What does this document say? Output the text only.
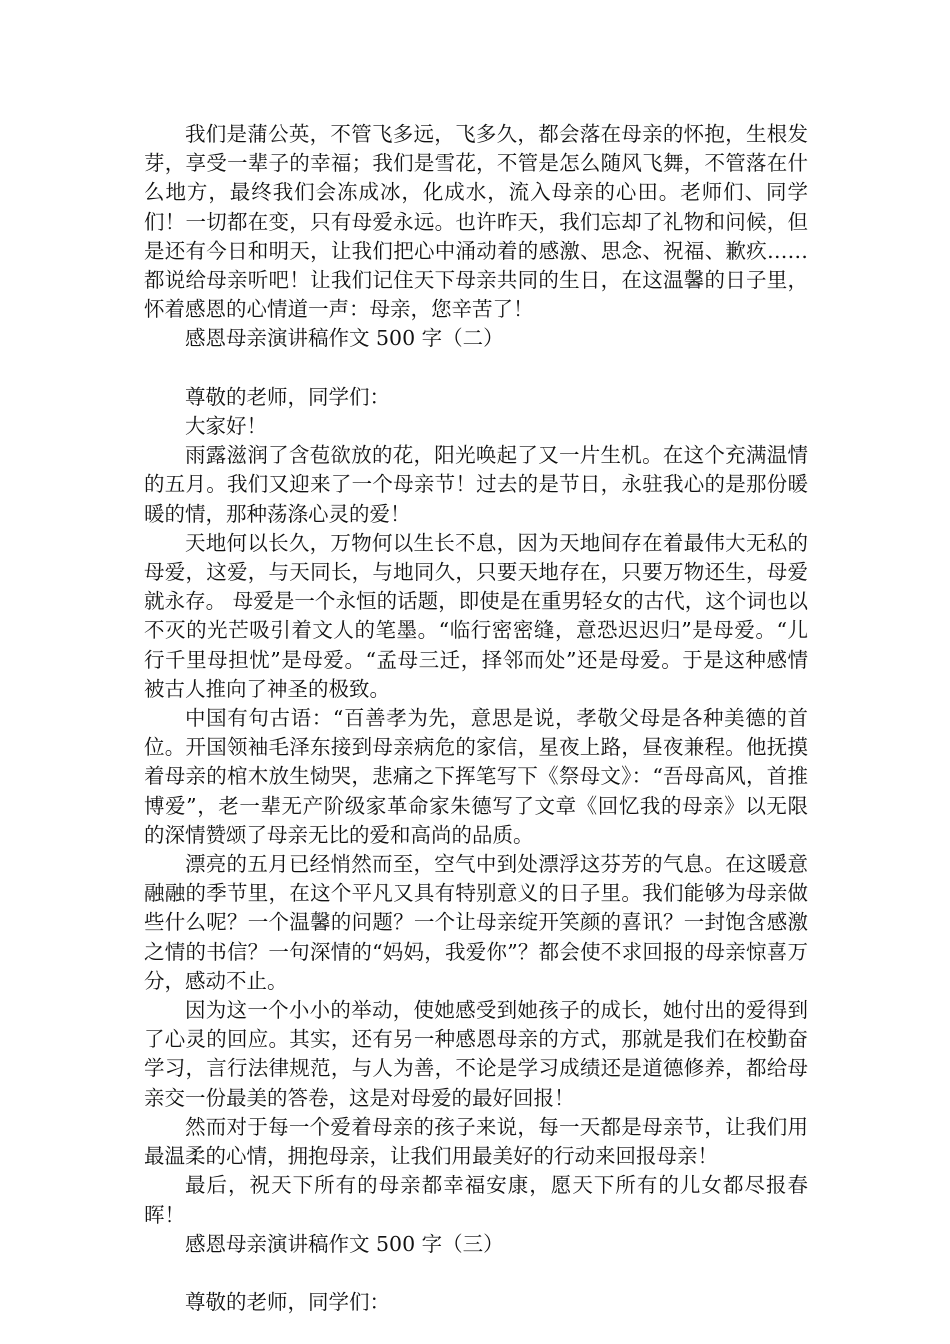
我们是蒲公英，不管飞多远，飞多久，都会落在母亲的怀抱，生根发芽，享受一辈子的幸福；我们是雪花，不管是怎么随风飞舞，不管落在什么地方，最终我们会冻成冰，化成水，流入母亲的心田。老师们、同学们！一切都在变，只有母爱永远。也许昨天，我们忘却了礼物和问候，但是还有今日和明天，让我们把心中涌动着的感激、思念、祝福、歉疚……都说给母亲听吧！让我们记住天下母亲共同的生日，在这温馨的日子里，怀着感恩的心情道一声：母亲，您辛苦了！

感恩母亲演讲稿作文 500 字（二）

尊敬的老师，同学们：

大家好！

雨露滋润了含苞欲放的花，阳光唤起了又一片生机。在这个充满温情的五月。我们又迎来了一个母亲节！过去的是节日，永驻我心的是那份暖暖的情，那种荡涤心灵的爱！

天地何以长久，万物何以生长不息，因为天地间存在着最伟大无私的母爱，这爱，与天同长，与地同久，只要天地存在，只要万物还生，母爱就永存。 母爱是一个永恒的话题，即使是在重男轻女的古代，这个词也以不灭的光芒吸引着文人的笔墨。“临行密密缝，意恐迟迟归”是母爱。“儿行千里母担忧”是母爱。“孟母三迁，择邻而处”还是母爱。于是这种感情被古人推向了神圣的极致。

中国有句古语：“百善孝为先，意思是说，孝敬父母是各种美德的首位。开国领袖毛泽东接到母亲病危的家信，星夜上路，昼夜兼程。他抚摸着母亲的棺木放生恸哭，悲痛之下挥笔写下《祭母文》：“吾母高风，首推博爱”，老一辈无产阶级家革命家朱德写了文章《回忆我的母亲》以无限的深情赞颂了母亲无比的爱和高尚的品质。

漂亮的五月已经悄然而至，空气中到处漂浮这芬芳的气息。在这暖意融融的季节里，在这个平凡又具有特别意义的日子里。我们能够为母亲做些什么呢？一个温馨的问题？一个让母亲绽开笑颜的喜讯？一封饱含感激之情的书信？一句深情的“妈妈，我爱你”？都会使不求回报的母亲惊喜万分，感动不止。

因为这一个小小的举动，使她感受到她孩子的成长，她付出的爱得到了心灵的回应。其实，还有另一种感恩母亲的方式，那就是我们在校勤奋学习，言行法律规范，与人为善，不论是学习成绩还是道德修养，都给母亲交一份最美的答卷，这是对母爱的最好回报！

然而对于每一个爱着母亲的孩子来说，每一天都是母亲节，让我们用最温柔的心情，拥抱母亲，让我们用最美好的行动来回报母亲！

最后，祝天下所有的母亲都幸福安康，愿天下所有的儿女都尽报春晖！

感恩母亲演讲稿作文 500 字（三）

尊敬的老师，同学们：
